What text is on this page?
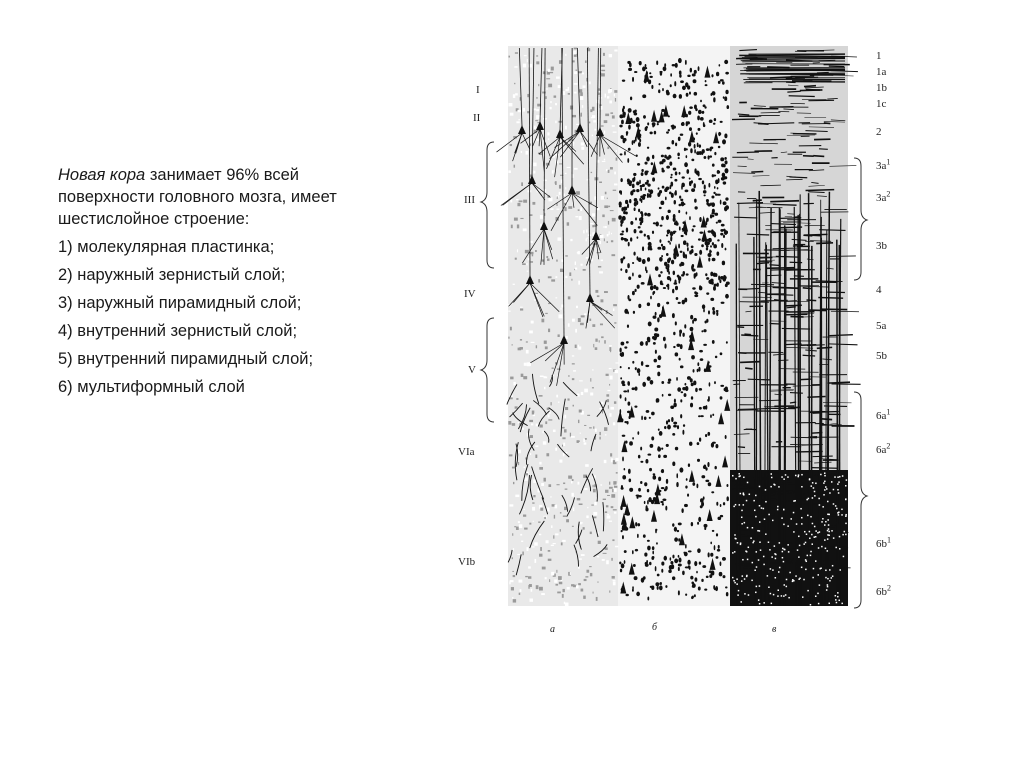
Новая кора занимает 96% всей поверхности головного мозга, имеет шестислойное строение:

1) молекулярная пластинка;

2) наружный зернистый слой;

3) наружный пирамидный слой;

4) внутренний зернистый слой;

5) внутренний пирамидный слой;

6) мультиформный слой

I
II
III
IV
V
VIa
VIb
1
1a
1b
1c
2
$3a^1$
$3a^2$
3b
4
5a
5b
$6a^1$
$6a^2$
$6b^1$
$6b^2$
а	б	в
